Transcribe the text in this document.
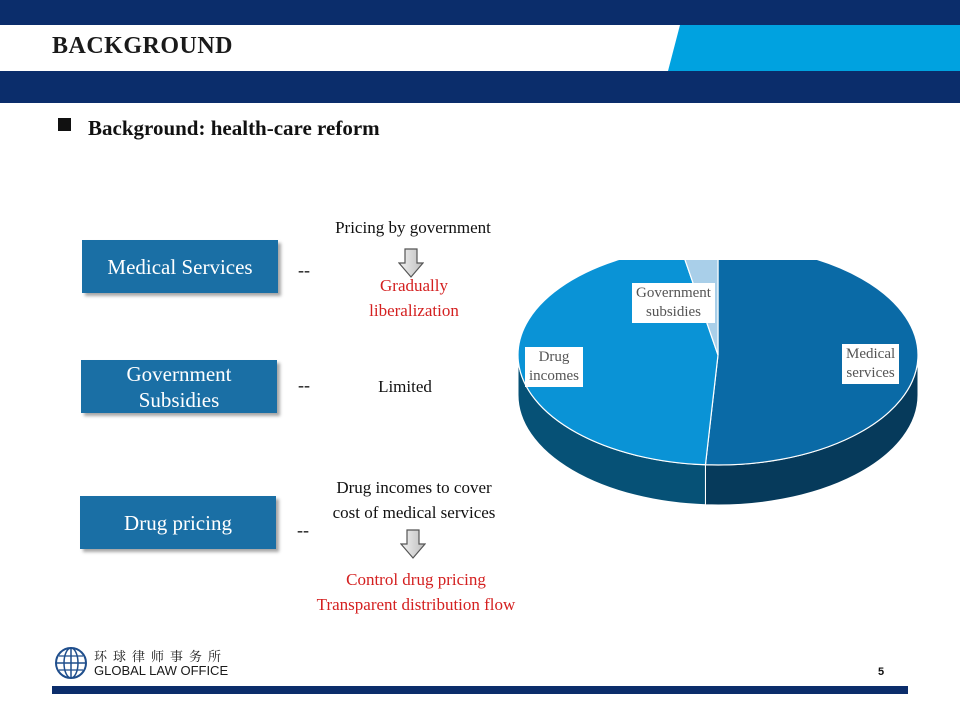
BACKGROUND
Background: health-care reform
Medical Services	--
Pricing by government
Gradually
liberalization
Government
Subsidies
--	Limited
Drug pricing	--
Drug incomes to cover
cost of medical services
Control drug pricing
Transparent distribution flow
Medical
services
Drug
incomes
Government
subsidies
环球律师事务所
GLOBAL LAW OFFICE	5
